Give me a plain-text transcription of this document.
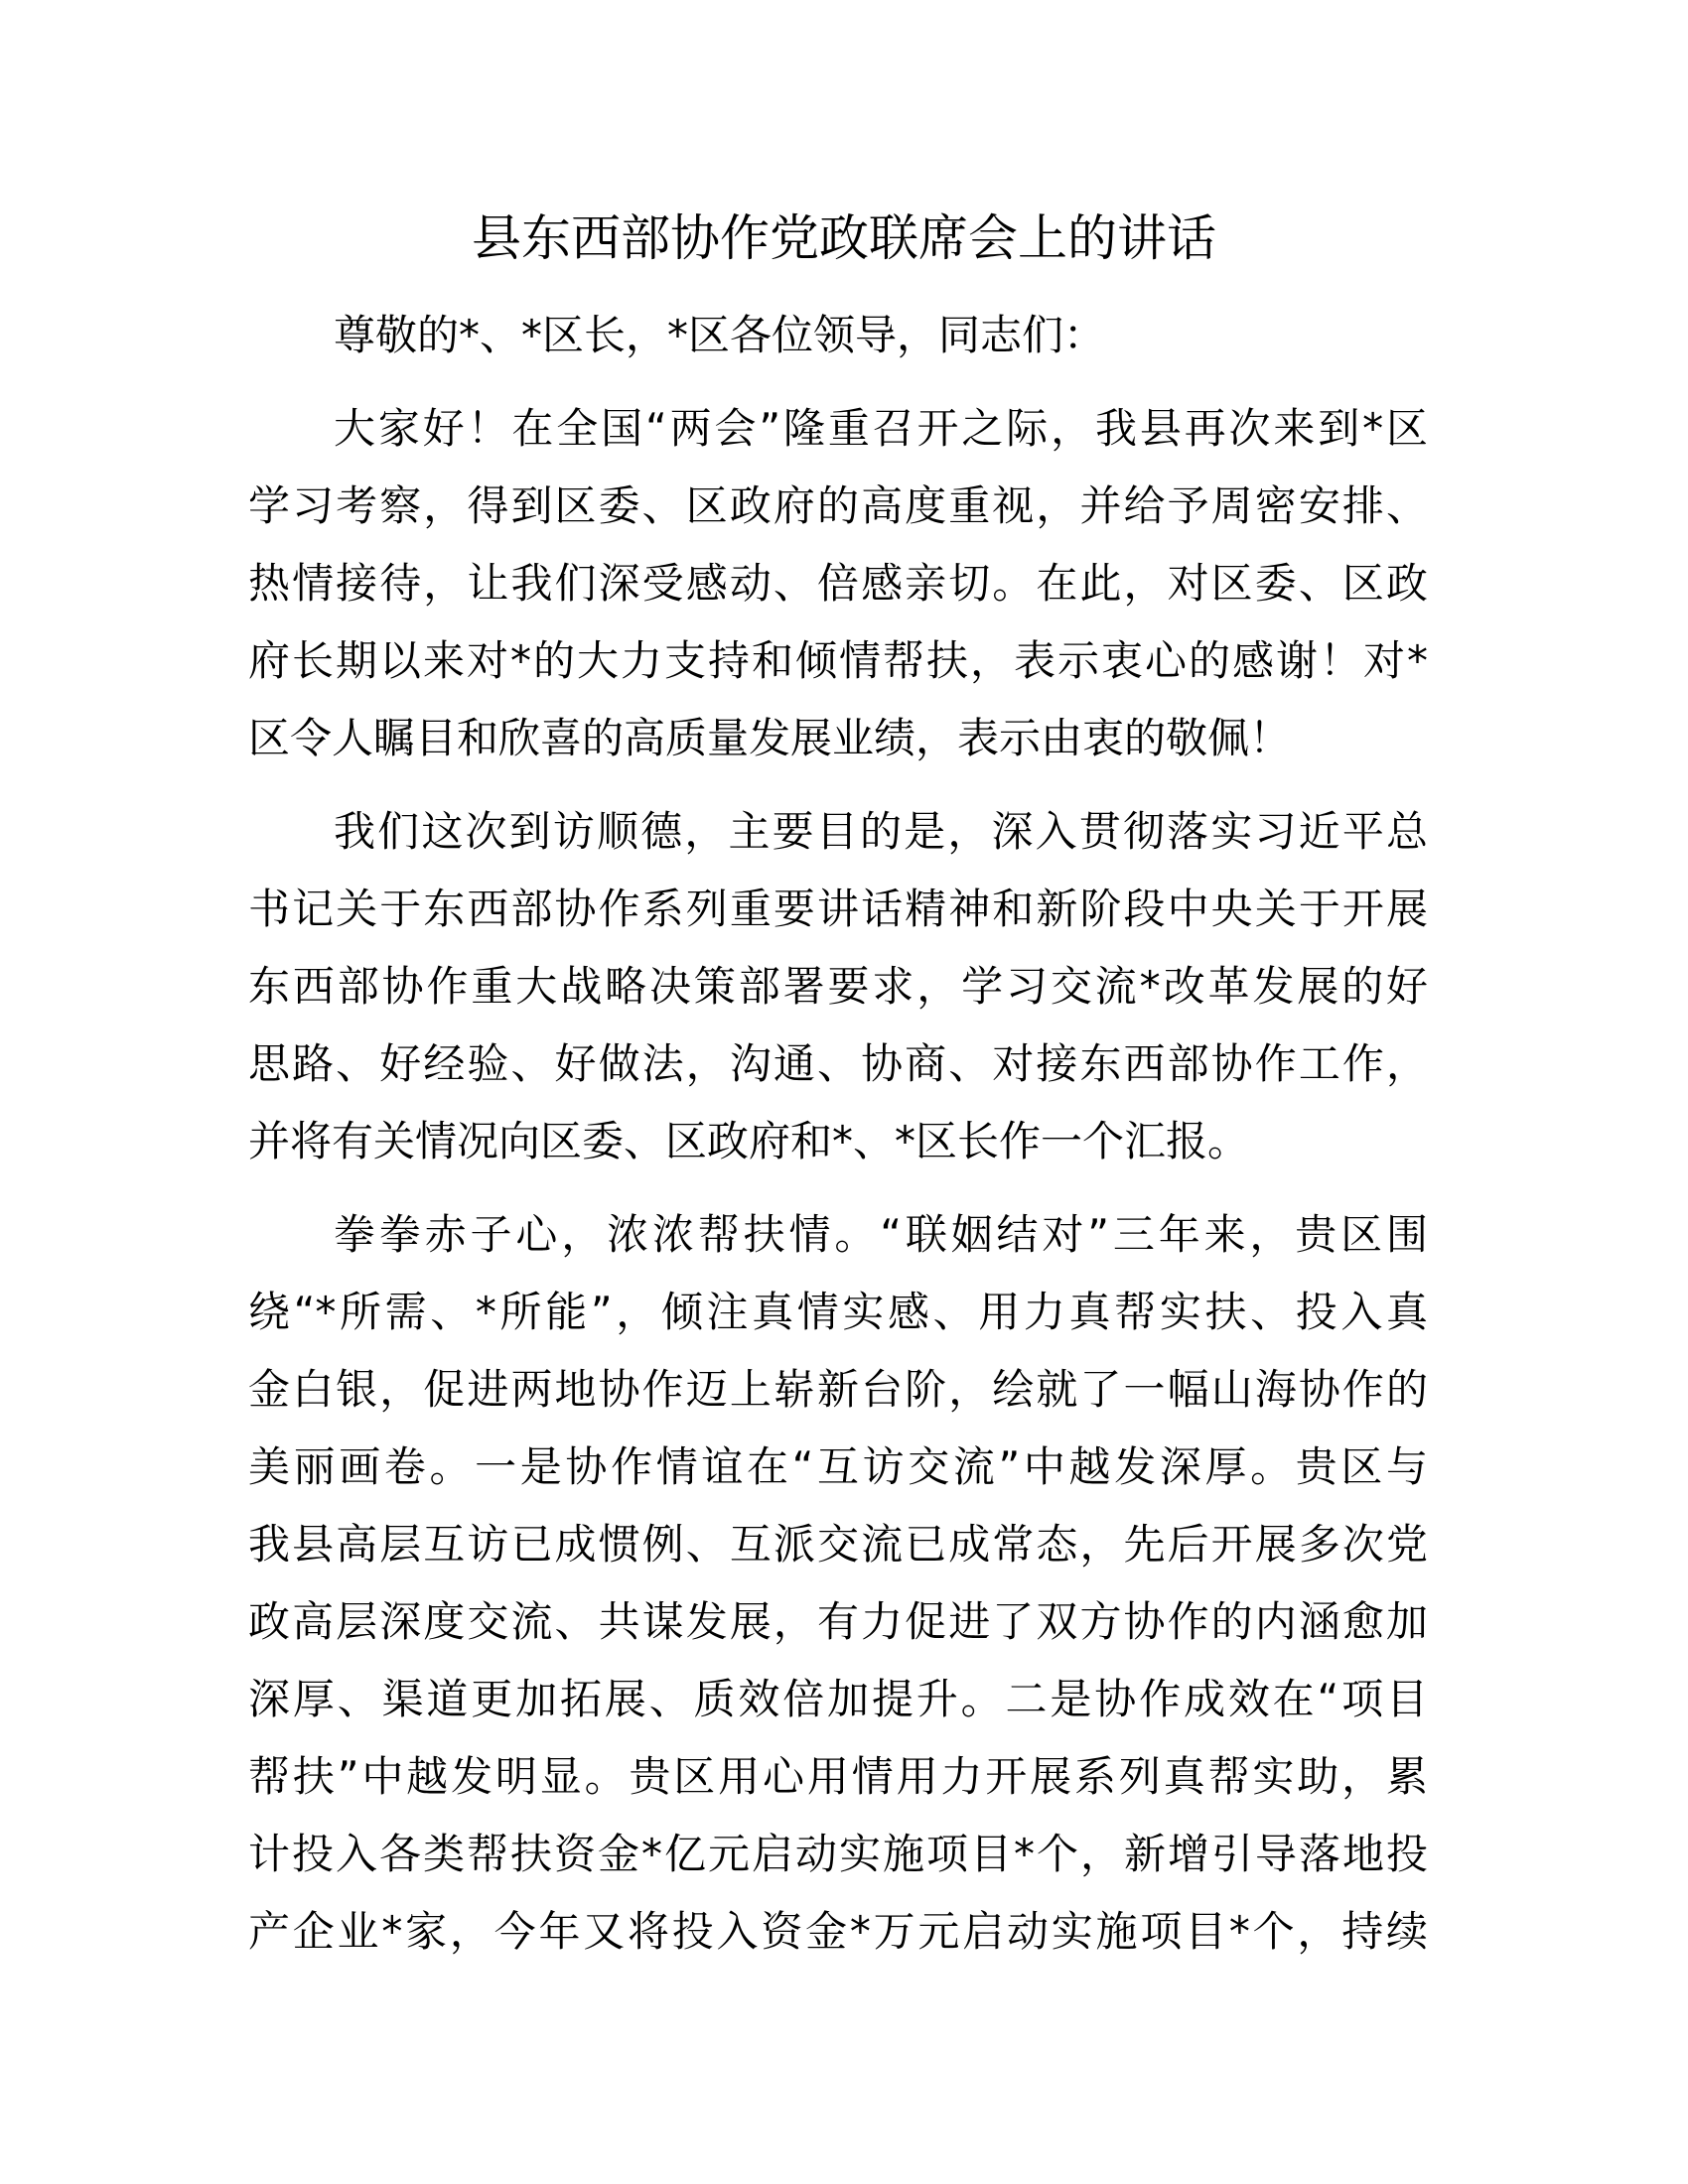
县东西部协作党政联席会上的讲话
尊敬的*、*区长，*区各位领导，同志们：
大家好！在全国“两会”隆重召开之际，我县再次来到*区
学习考察，得到区委、区政府的高度重视，并给予周密安排、
热情接待，让我们深受感动、倍感亲切。在此，对区委、区政
府长期以来对*的大力支持和倾情帮扶，表示衷心的感谢！对*
区令人瞩目和欣喜的高质量发展业绩，表示由衷的敬佩！
我们这次到访顺德，主要目的是，深入贯彻落实习近平总
书记关于东西部协作系列重要讲话精神和新阶段中央关于开展
东西部协作重大战略决策部署要求，学习交流*改革发展的好
思路、好经验、好做法，沟通、协商、对接东西部协作工作，
并将有关情况向区委、区政府和*、*区长作一个汇报。
拳拳赤子心，浓浓帮扶情。“联姻结对”三年来，贵区围
绕“*所需、*所能”，倾注真情实感、用力真帮实扶、投入真
金白银，促进两地协作迈上崭新台阶，绘就了一幅山海协作的
美丽画卷。一是协作情谊在“互访交流”中越发深厚。贵区与
我县高层互访已成惯例、互派交流已成常态，先后开展多次党
政高层深度交流、共谋发展，有力促进了双方协作的内涵愈加
深厚、渠道更加拓展、质效倍加提升。二是协作成效在“项目
帮扶”中越发明显。贵区用心用情用力开展系列真帮实助，累
计投入各类帮扶资金*亿元启动实施项目*个，新增引导落地投
产企业*家，今年又将投入资金*万元启动实施项目*个，持续
